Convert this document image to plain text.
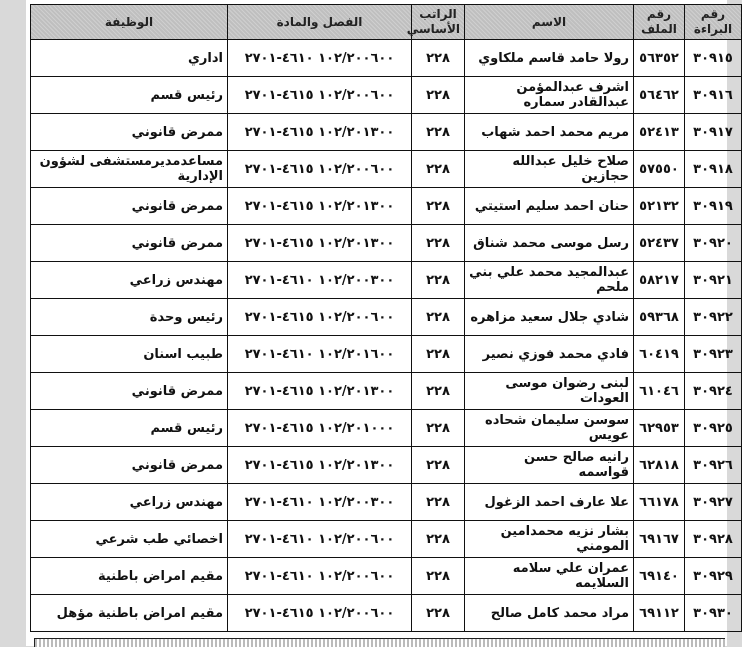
رقم البراءة	رقم الملف	الاسم	الراتب الأساسي	الفصل والمادة	الوظيفة
٣٠٩١٥	٥٦٣٥٢	رولا حامد قاسم ملكاوي	٢٢٨	١٠٢/٢٠٠٦٠٠ ٤٦١٠-٢٧٠١	اداري
٣٠٩١٦	٥٦٤٦٢	اشرف عبدالمؤمن عبدالقادر سماره	٢٢٨	١٠٢/٢٠٠٦٠٠ ٤٦١٥-٢٧٠١	رئيس قسم
٣٠٩١٧	٥٢٤١٣	مريم محمد احمد شهاب	٢٢٨	١٠٢/٢٠١٣٠٠ ٤٦١٥-٢٧٠١	ممرض قانوني
٣٠٩١٨	٥٧٥٥٠	صلاح خليل عبدالله حجازين	٢٢٨	١٠٢/٢٠٠٦٠٠ ٤٦١٥-٢٧٠١	مساعدمديرمستشفى لشؤون الإدارية
٣٠٩١٩	٥٢١٣٢	حنان احمد سليم استيتي	٢٢٨	١٠٢/٢٠١٣٠٠ ٤٦١٥-٢٧٠١	ممرض قانوني
٣٠٩٢٠	٥٢٤٣٧	رسل موسى محمد شناق	٢٢٨	١٠٢/٢٠١٣٠٠ ٤٦١٥-٢٧٠١	ممرض قانوني
٣٠٩٢١	٥٨٢١٧	عبدالمجيد محمد علي بني ملحم	٢٢٨	١٠٢/٢٠٠٣٠٠ ٤٦١٠-٢٧٠١	مهندس زراعي
٣٠٩٢٢	٥٩٣٦٨	شادي جلال سعيد مزاهره	٢٢٨	١٠٢/٢٠٠٦٠٠ ٤٦١٥-٢٧٠١	رئيس وحدة
٣٠٩٢٣	٦٠٤١٩	فادي محمد فوزي نصير	٢٢٨	١٠٢/٢٠١٦٠٠ ٤٦١٠-٢٧٠١	طبيب اسنان
٣٠٩٢٤	٦١٠٤٦	لبنى رضوان موسى العودات	٢٢٨	١٠٢/٢٠١٣٠٠ ٤٦١٥-٢٧٠١	ممرض قانوني
٣٠٩٢٥	٦٢٩٥٣	سوسن سليمان شحاده عويس	٢٢٨	١٠٢/٢٠١٠٠٠ ٤٦١٥-٢٧٠١	رئيس قسم
٣٠٩٢٦	٦٢٨١٨	رانيه صالح حسن قواسمه	٢٢٨	١٠٢/٢٠١٣٠٠ ٤٦١٥-٢٧٠١	ممرض قانوني
٣٠٩٢٧	٦٦١٧٨	علا عارف احمد الزغول	٢٢٨	١٠٢/٢٠٠٣٠٠ ٤٦١٠-٢٧٠١	مهندس زراعي
٣٠٩٢٨	٦٩١٦٧	بشار نزيه محمدامين المومني	٢٢٨	١٠٢/٢٠٠٦٠٠ ٤٦١٠-٢٧٠١	اخصائي طب شرعي
٣٠٩٢٩	٦٩١٤٠	عمران علي سلامه السلايمه	٢٢٨	١٠٢/٢٠٠٦٠٠ ٤٦١٠-٢٧٠١	مقيم امراض باطنية
٣٠٩٣٠	٦٩١١٢	مراد محمد كامل صالح	٢٢٨	١٠٢/٢٠٠٦٠٠ ٤٦١٥-٢٧٠١	مقيم امراض باطنية مؤهل
